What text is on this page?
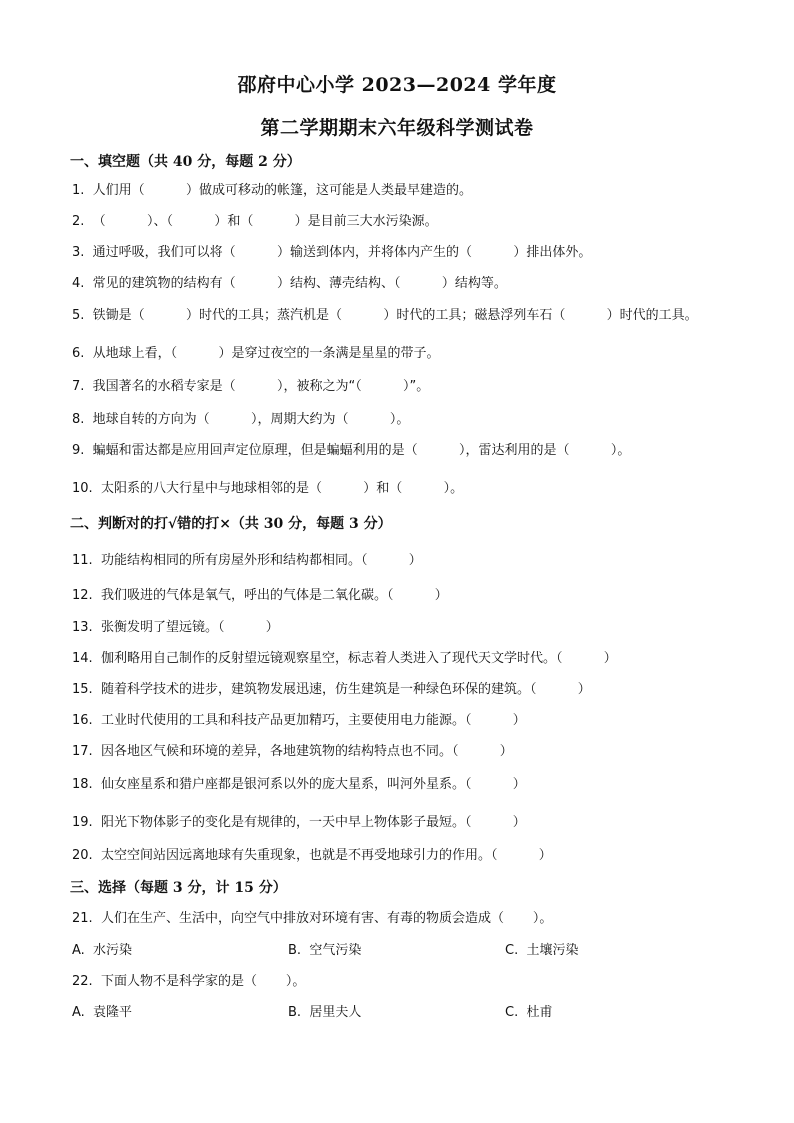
邵府中心小学 2023—2024 学年度
第二学期期末六年级科学测试卷
一、填空题（共 40 分，每题 2 分）
1.  人们用（          ）做成可移动的帐篷，这可能是人类最早建造的。
2.  （          ）、（          ）和（          ）是目前三大水污染源。
3.  通过呼吸，我们可以将（          ）输送到体内，并将体内产生的（          ）排出体外。
4.  常见的建筑物的结构有（          ）结构、薄壳结构、（          ）结构等。
5.  铁锄是（          ）时代的工具；蒸汽机是（          ）时代的工具；磁悬浮列车石（          ）时代的工具。
6.  从地球上看，（          ）是穿过夜空的一条满是星星的带子。
7.  我国著名的水稻专家是（          ），被称之为“（          ）”。
8.  地球自转的方向为（          ），周期大约为（          ）。
9.  蝙蝠和雷达都是应用回声定位原理，但是蝙蝠利用的是（          ），雷达利用的是（          ）。
10.  太阳系的八大行星中与地球相邻的是（          ）和（          ）。
二、判断对的打√错的打×（共 30 分，每题 3 分）
11.  功能结构相同的所有房屋外形和结构都相同。（          ）
12.  我们吸进的气体是氧气，呼出的气体是二氧化碳。（          ）
13.  张衡发明了望远镜。（          ）
14.  伽利略用自己制作的反射望远镜观察星空，标志着人类进入了现代天文学时代。（          ）
15.  随着科学技术的进步，建筑物发展迅速，仿生建筑是一种绿色环保的建筑。（          ）
16.  工业时代使用的工具和科技产品更加精巧，主要使用电力能源。（          ）
17.  因各地区气候和环境的差异，各地建筑物的结构特点也不同。（          ）
18.  仙女座星系和猎户座都是银河系以外的庞大星系，叫河外星系。（          ）
19.  阳光下物体影子的变化是有规律的，一天中早上物体影子最短。（          ）
20.  太空空间站因远离地球有失重现象，也就是不再受地球引力的作用。（          ）
三、选择（每题 3 分，计 15 分）
21.  人们在生产、生活中，向空气中排放对环境有害、有毒的物质会造成（       ）。
A.  水污染	B.  空气污染	C.  土壤污染
22.  下面人物不是科学家的是（       ）。
A.  袁隆平	B.  居里夫人	C.  杜甫
